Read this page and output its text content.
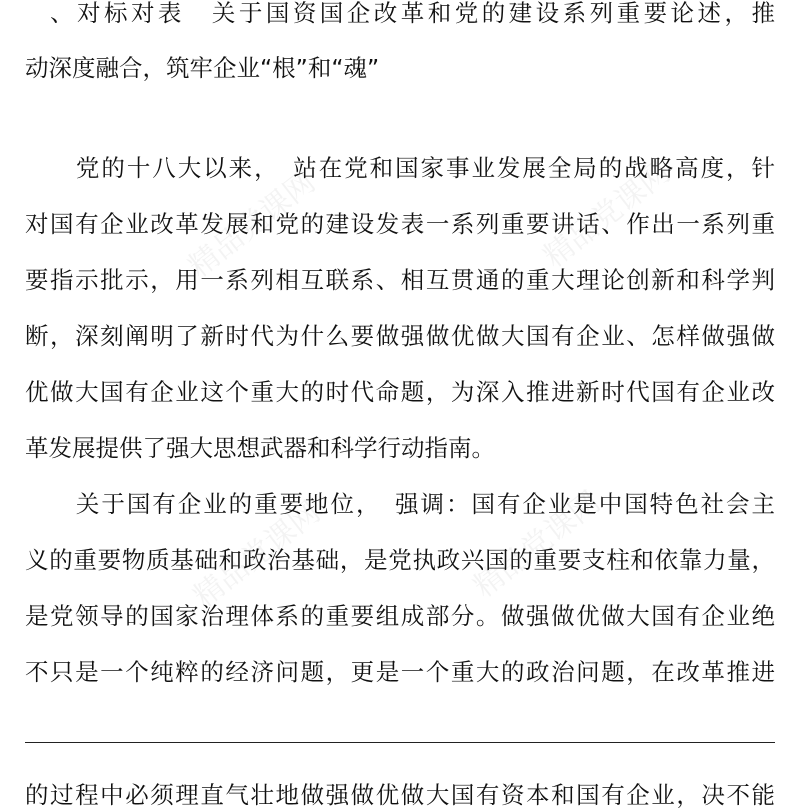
精品党课网	精品党课网
精品党课网	精品党课网
、对标对表　关于国资国企改革和党的建设系列重要论述，推
动深度融合，筑牢企业“根”和“魂”
　　党的十八大以来，　站在党和国家事业发展全局的战略高度，针
对国有企业改革发展和党的建设发表一系列重要讲话、作出一系列重
要指示批示，用一系列相互联系、相互贯通的重大理论创新和科学判
断，深刻阐明了新时代为什么要做强做优做大国有企业、怎样做强做
优做大国有企业这个重大的时代命题，为深入推进新时代国有企业改
革发展提供了强大思想武器和科学行动指南。
　　关于国有企业的重要地位，　强调：国有企业是中国特色社会主
义的重要物质基础和政治基础，是党执政兴国的重要支柱和依靠力量，
是党领导的国家治理体系的重要组成部分。做强做优做大国有企业绝
不只是一个纯粹的经济问题，更是一个重大的政治问题，在改革推进
的过程中必须理直气壮地做强做优做大国有资本和国有企业，决不能
